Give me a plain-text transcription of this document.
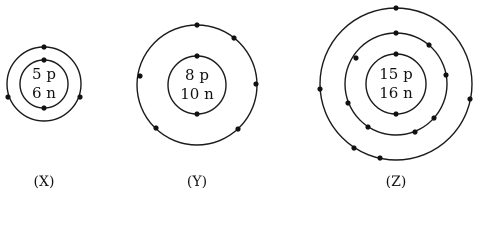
5 p
6 n
(X)
8 p
10 n
(Y)
15 p
16 n
(Z)
